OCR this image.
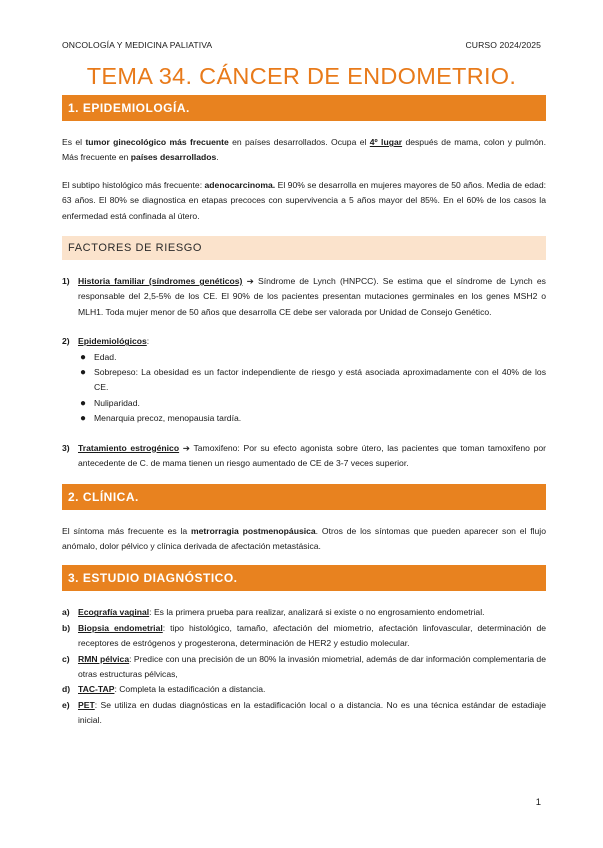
ONCOLOGÍA Y MEDICINA PALIATIVA	CURSO 2024/2025
TEMA 34. CÁNCER DE ENDOMETRIO.
1. EPIDEMIOLOGÍA.

Es el tumor ginecológico más frecuente en países desarrollados. Ocupa el 4º lugar después de mama, colon y pulmón. Más frecuente en países desarrollados.

El subtipo histológico más frecuente: adenocarcinoma. El 90% se desarrolla en mujeres mayores de 50 años. Media de edad: 63 años. El 80% se diagnostica en etapas precoces con supervivencia a 5 años mayor del 85%. En el 60% de los casos la enfermedad está confinada al útero.

FACTORES DE RIESGO
1) Historia familiar (síndromes genéticos) ➔ Síndrome de Lynch (HNPCC). Se estima que el síndrome de Lynch es responsable del 2,5-5% de los CE. El 90% de los pacientes presentan mutaciones germinales en los genes MSH2 o MLH1. Toda mujer menor de 50 años que desarrolla CE debe ser valorada por Unidad de Consejo Genético.
2) Epidemiológicos:
● Edad.
● Sobrepeso: La obesidad es un factor independiente de riesgo y está asociada aproximadamente con el 40% de los CE.
● Nuliparidad.
● Menarquia precoz, menopausia tardía.
3) Tratamiento estrogénico ➔ Tamoxifeno: Por su efecto agonista sobre útero, las pacientes que toman tamoxifeno por antecedente de C. de mama tienen un riesgo aumentado de CE de 3-7 veces superior.
2. CLÍNICA.

El síntoma más frecuente es la metrorragia postmenopáusica. Otros de los síntomas que pueden aparecer son el flujo anómalo, dolor pélvico y clínica derivada de afectación metastásica.

3. ESTUDIO DIAGNÓSTICO.
a) Ecografía vaginal: Es la primera prueba para realizar, analizará si existe o no engrosamiento endometrial.
b) Biopsia endometrial: tipo histológico, tamaño, afectación del miometrio, afectación linfovascular, determinación de receptores de estrógenos y progesterona, determinación de HER2 y estudio molecular.
c) RMN pélvica: Predice con una precisión de un 80% la invasión miometrial, además de dar información complementaria de otras estructuras pélvicas,
d) TAC-TAP: Completa la estadificación a distancia.
e) PET: Se utiliza en dudas diagnósticas en la estadificación local o a distancia. No es una técnica estándar de estadiaje inicial.
1
